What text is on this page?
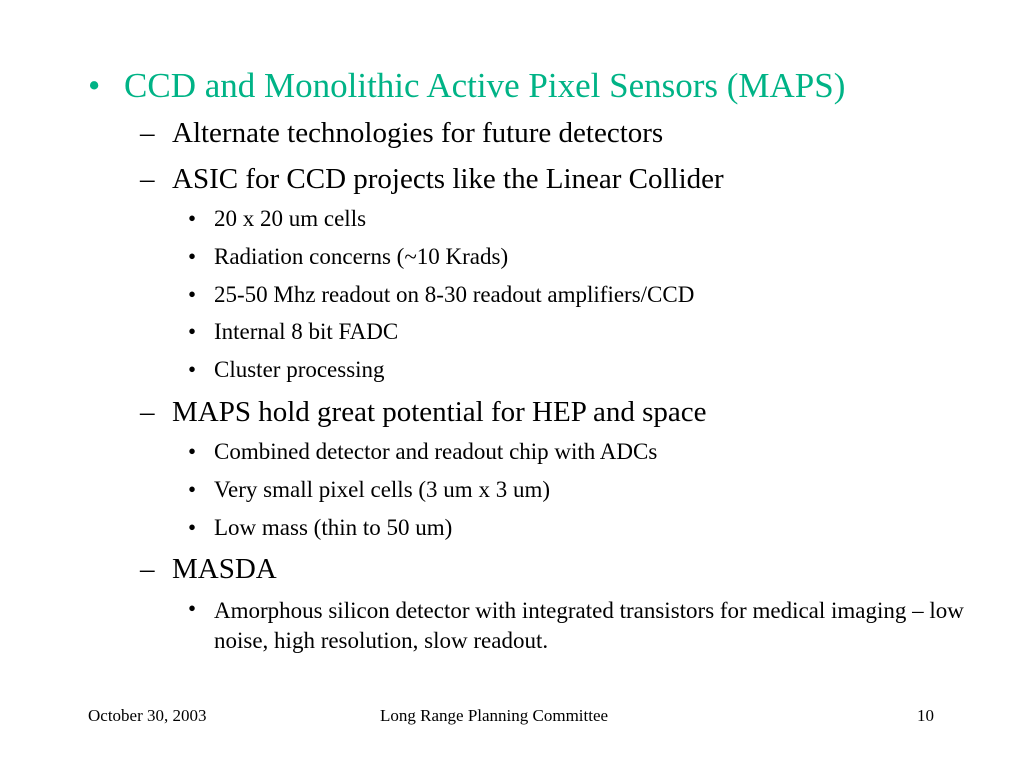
• CCD and Monolithic Active Pixel Sensors (MAPS)
– Alternate technologies for future detectors
– ASIC for CCD projects like the Linear Collider
• 20 x 20 um cells
• Radiation concerns (~10 Krads)
• 25-50 Mhz readout on 8-30 readout amplifiers/CCD
• Internal 8 bit FADC
• Cluster processing
– MAPS hold great potential for HEP and space
• Combined detector and readout chip with ADCs
• Very small pixel cells (3 um x 3 um)
• Low mass (thin to 50 um)
– MASDA
• Amorphous silicon detector with integrated transistors for medical imaging – low noise, high resolution, slow readout.
October 30, 2003	Long Range Planning Committee	10
